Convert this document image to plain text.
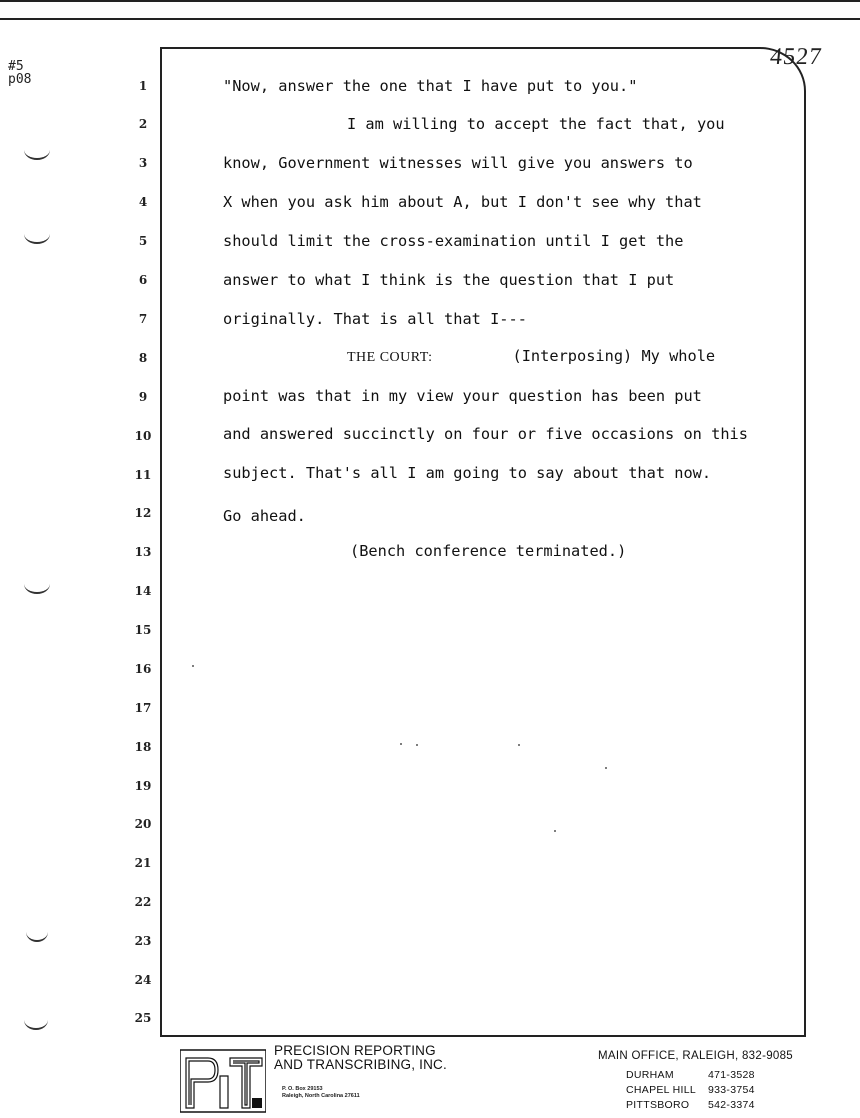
#5
p08
4527
1
2
3
4
5
6
7
8
9
10
11
12
13
14
15
16
17
18
19
20
21
22
23
24
25
"Now, answer the one that I have put to you."
I am willing to accept the fact that, you
know, Government witnesses will give you answers to
X when you ask him about A, but I don't see why that
should limit the cross-examination until I get the
answer to what I think is the question that I put
originally. That is all that I---
THE COURT:	(Interposing) My whole
point was that in my view your question has been put
and answered succinctly on four or five occasions on this
subject. That's all I am going to say about that now.
Go ahead.
(Bench conference terminated.)
PRECISION REPORTING
AND TRANSCRIBING, INC.
P. O. Box 29153
Raleigh, North Carolina 27611
MAIN OFFICE, RALEIGH, 832-9085
DURHAM	471-3528
CHAPEL HILL 933-3754
PITTSBORO 542-3374
